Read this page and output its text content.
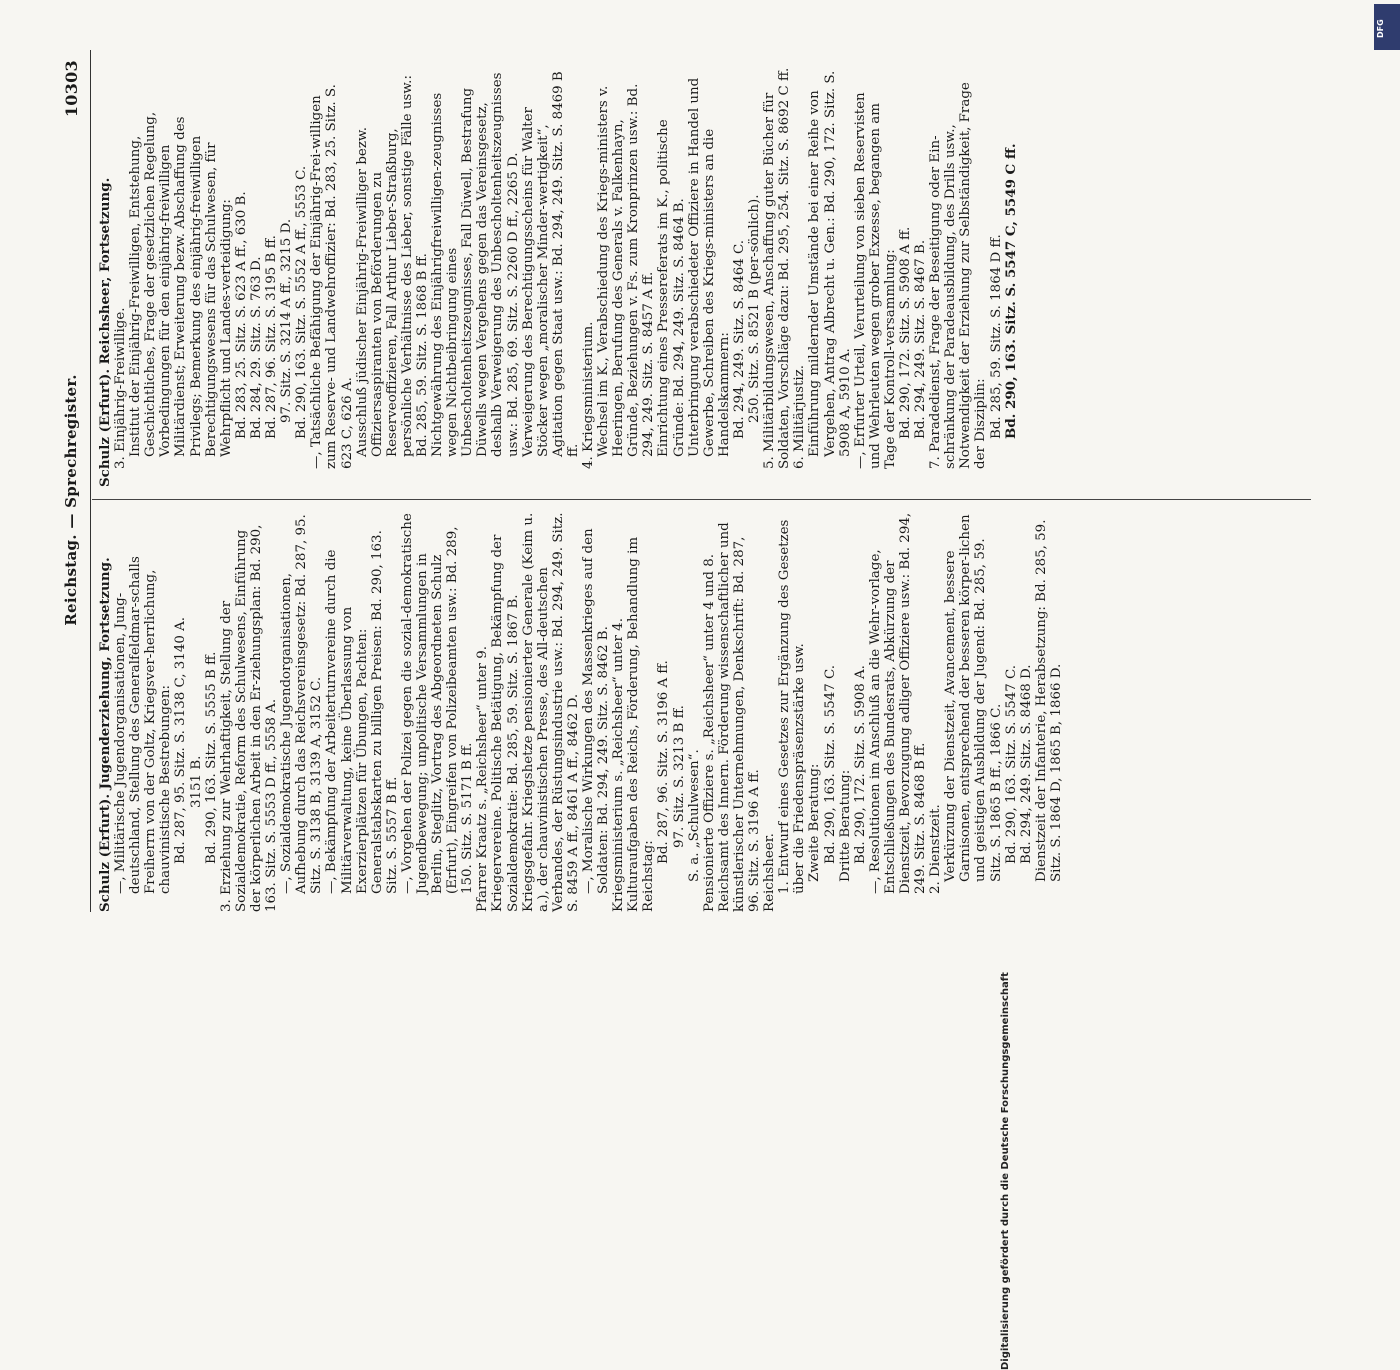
Reichstag. — Sprechregister.
10303

Schulz (Erfurt). Jugenderziehung, Fortsetzung. —, Militärische Jugendorganisationen, Jung-deutschland, Stellung des Generalfeldmar-schalls Freiherrn von der Goltz, Kriegsver-herrlichung, chauvinistische Bestrebungen: Bd. 287, 95. Sitz. S. 3138 C, 3140 A. 3151 B. Bd. 290, 163. Sitz. S. 5555 B ff. 3. Erziehung zur Wehrhaftigkeit, Stellung der Sozialdemokratie, Reform des Schulwesens, Einführung der körperlichen Arbeit in den Er-ziehungsplan: Bd. 290, 163. Sitz. S. 5553 D ff., 5558 A. —, Sozialdemokratische Jugendorganisationen, Aufhebung durch das Reichsvereinsgesetz: Bd. 287, 95. Sitz. S. 3138 B, 3139 A, 3152 C. —, Bekämpfung der Arbeiterturnvereine durch die Militärverwaltung, keine Überlassung von Exerzierplätzen für Übungen, Pachten: Generalstabskarten zu billigen Preisen: Bd. 290, 163. Sitz. S. 5557 B ff. —, Vorgehen der Polizei gegen die sozial-demokratische Jugendbewegung; unpolitische Versammlungen in Berlin, Steglitz, Vortrag des Abgeordneten Schulz (Erfurt), Eingreifen von Polizeibeamten usw.: Bd. 289, 150. Sitz. S. 5171 B ff. Pfarrer Kraatz s. „Reichsheer“ unter 9. Kriegervereine. Politische Betätigung, Bekämpfung der Sozialdemokratie: Bd. 285, 59. Sitz. S. 1867 B. Kriegsgefahr. Kriegshetze pensionierter Generale (Keim u. a.), der chauvinistischen Presse, des All-deutschen Verbandes, der Rüstungsindustrie usw.: Bd. 294, 249. Sitz. S. 8459 A ff., 8461 A ff., 8462 D. —, Moralische Wirkungen des Massenkrieges auf den Soldaten: Bd. 294, 249. Sitz. S. 8462 B. Kriegsministerium s. „Reichsheer“ unter 4. Kulturaufgaben des Reichs, Förderung, Behandlung im Reichstag:

Bd. 287, 96. Sitz. S. 3196 A ff. 97. Sitz. S. 3213 B ff. S. a. „Schulwesen“. Pensionierte Offiziere s. „Reichsheer“ unter 4 und 8. Reichsamt des Innern. Förderung wissenschaftlicher und künstlerischer Unternehmungen, Denkschrift: Bd. 287, 96. Sitz. S. 3196 A ff. Reichsheer. 1. Entwurf eines Gesetzes zur Ergänzung des Gesetzes über die Friedenspräsenzstärke usw. Zweite Beratung: Bd. 290, 163. Sitz. S. 5547 C. Dritte Beratung: Bd. 290, 172. Sitz. S. 5908 A. —, Resolutionen im Anschluß an die Wehr-vorlage, Entschließungen des Bundesrats, Abkürzung der Dienstzeit, Bevorzugung adliger Offiziere usw.: Bd. 294, 249. Sitz. S. 8468 B ff. 2. Dienstzeit. Verkürzung der Dienstzeit, Avancement, bessere Garnisonen, entsprechend der besseren körper-lichen und geistigen Ausbildung der Jugend: Bd. 285, 59. Sitz. S. 1865 B ff., 1866 C. Bd. 290, 163. Sitz. S. 5547 C. Bd. 294, 249. Sitz. S. 8468 D. Dienstzeit der Infanterie, Herabsetzung: Bd. 285, 59. Sitz. S. 1864 D, 1865 B, 1866 D.

Schulz (Erfurt). Reichsheer, Fortsetzung. 3. Einjährig-Freiwillige. Institut der Einjährig-Freiwilligen, Entstehung, Geschichtliches, Frage der gesetzlichen Regelung, Vorbedingungen für den einjährig-freiwilligen Militärdienst; Erweiterung bezw. Abschaffung des Privilegs; Bemerkung des einjährig-freiwilligen Berechtigungswesens für das Schulwesen, für Wehrpflicht und Landes-verteidigung: Bd. 283, 25. Sitz. S. 623 A ff., 630 B. Bd. 284, 29. Sitz. S. 763 D. Bd. 287, 96. Sitz. S. 3195 B ff. 97. Sitz. S. 3214 A ff., 3215 D. Bd. 290, 163. Sitz. S. 5552 A ff., 5553 C. —, Tatsächliche Befähigung der Einjährig-Frei-willigen zum Reserve- und Landwehroffizier: Bd. 283, 25. Sitz. S. 623 C, 626 A. Ausschluß jüdischer Einjährig-Freiwilliger bezw. Offiziersaspiranten von Beförderungen zu Reserveoffizieren, Fall Arthur Lieber-Straßburg, persönliche Verhältnisse des Lieber, sonstige Fälle usw.: Bd. 285, 59. Sitz. S. 1868 B ff. Nichtgewährung des Einjährigfreiwilligen-zeugnisses wegen Nichtbeibringung eines Unbescholtenheitszeugnisses, Fall Düwell, Bestrafung Düwells wegen Vergehens gegen das Vereinsgesetz, deshalb Verweigerung des Unbescholtenheitszeugnisses usw.: Bd. 285, 69. Sitz. S. 2260 D ff., 2265 D. Verweigerung des Berechtigungsscheins für Walter Stöcker wegen „moralischer Minder-wertigkeit“, Agitation gegen Staat usw.: Bd. 294, 249. Sitz. S. 8469 B ff. 4. Kriegsministerium. Wechsel im K., Verabschiedung des Kriegs-ministers v. Heeringen, Berufung des Generals v. Falkenhayn, Gründe, Beziehungen v. Fs. zum Kronprinzen usw.: Bd. 294, 249. Sitz. S. 8457 A ff. Einrichtung eines Pressereferats im K., politische Gründe: Bd. 294, 249. Sitz. S. 8464 B. Unterbringung verabschiedeter Offiziere in Handel und Gewerbe, Schreiben des Kriegs-ministers an die Handelskammern: Bd. 294, 249. Sitz. S. 8464 C. 250. Sitz. S. 8521 B (per-sönlich). 5. Militärbildungswesen, Anschaffung guter Bücher für Soldaten, Vorschläge dazu: Bd. 295, 254. Sitz. S. 8692 C ff. 6. Militärjustiz. Einführung mildernder Umstände bei einer Reihe von Vergehen, Antrag Albrecht u. Gen.: Bd. 290, 172. Sitz. S. 5908 A, 5910 A. —, Erfurter Urteil, Verurteilung von sieben Reservisten und Wehrleuten wegen grober Exzesse, begangen am Tage der Kontroll-versammlung: Bd. 290, 172. Sitz. S. 5908 A ff. Bd. 294, 249. Sitz. S. 8467 B. 7. Paradedienst, Frage der Beseitigung oder Ein-schränkung der Paradeausbildung, des Drills usw., Notwendigkeit der Erziehung zur Selbständigkeit, Frage der Disziplin: Bd. 285, 59. Sitz. S. 1864 D ff. Bd. 290, 163. Sitz. S. 5547 C, 5549 C ff.

Digitalisierung gefördert durch die Deutsche Forschungsgemeinschaft
DFG
